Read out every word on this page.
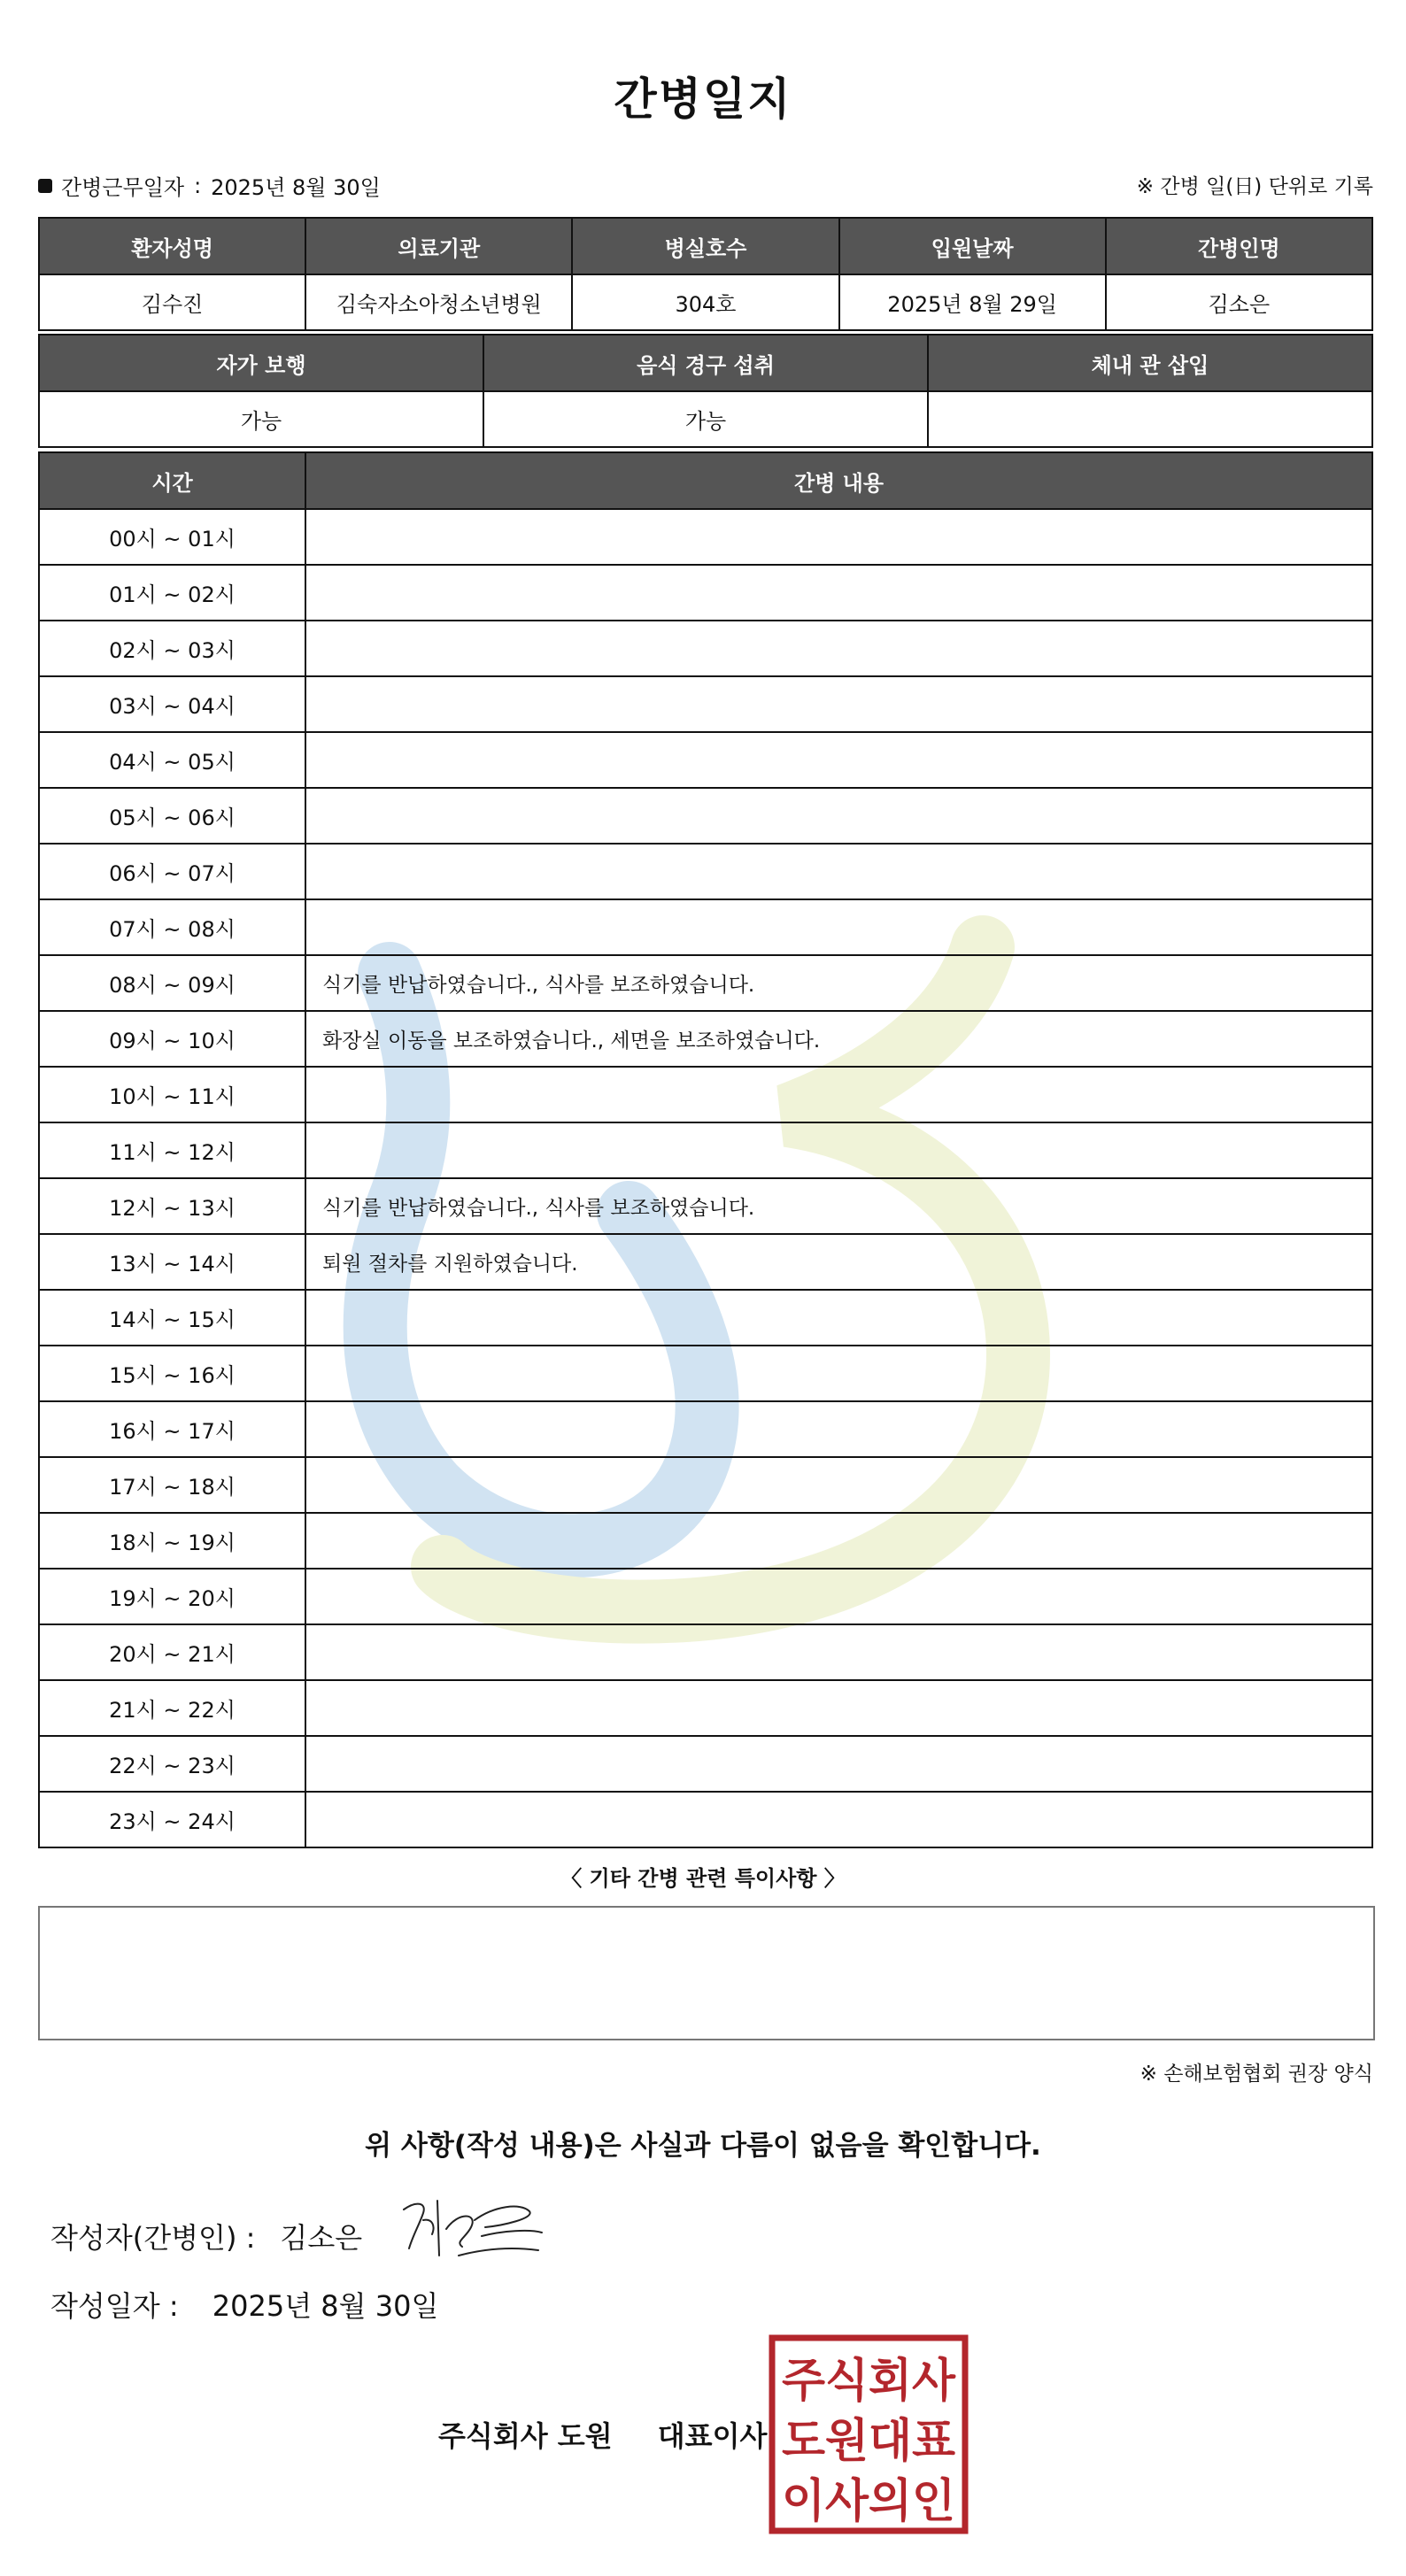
간병일지
간병근무일자 : 2025년 8월 30일	※ 간병 일(日) 단위로 기록
환자성명	의료기관	병실호수	입원날짜	간병인명
김수진	김숙자소아청소년병원	304호	2025년 8월 29일	김소은
자가 보행	음식 경구 섭취	체내 관 삽입
가능	가능	
시간	간병 내용
00시 ~ 01시	
01시 ~ 02시	
02시 ~ 03시	
03시 ~ 04시	
04시 ~ 05시	
05시 ~ 06시	
06시 ~ 07시	
07시 ~ 08시	
08시 ~ 09시	식기를 반납하였습니다., 식사를 보조하였습니다.
09시 ~ 10시	화장실 이동을 보조하였습니다., 세면을 보조하였습니다.
10시 ~ 11시	
11시 ~ 12시	
12시 ~ 13시	식기를 반납하였습니다., 식사를 보조하였습니다.
13시 ~ 14시	퇴원 절차를 지원하였습니다.
14시 ~ 15시	
15시 ~ 16시	
16시 ~ 17시	
17시 ~ 18시	
18시 ~ 19시	
19시 ~ 20시	
20시 ~ 21시	
21시 ~ 22시	
22시 ~ 23시	
23시 ~ 24시	
〈 기타 간병 관련 특이사항 〉
※ 손해보험협회 권장 양식
위 사항(작성 내용)은 사실과 다름이 없음을 확인합니다.
작성자(간병인) : 김소은
작성일자 : 2025년 8월 30일
주식회사 도원 대표이사
주식회사
도원대표
이사의인
